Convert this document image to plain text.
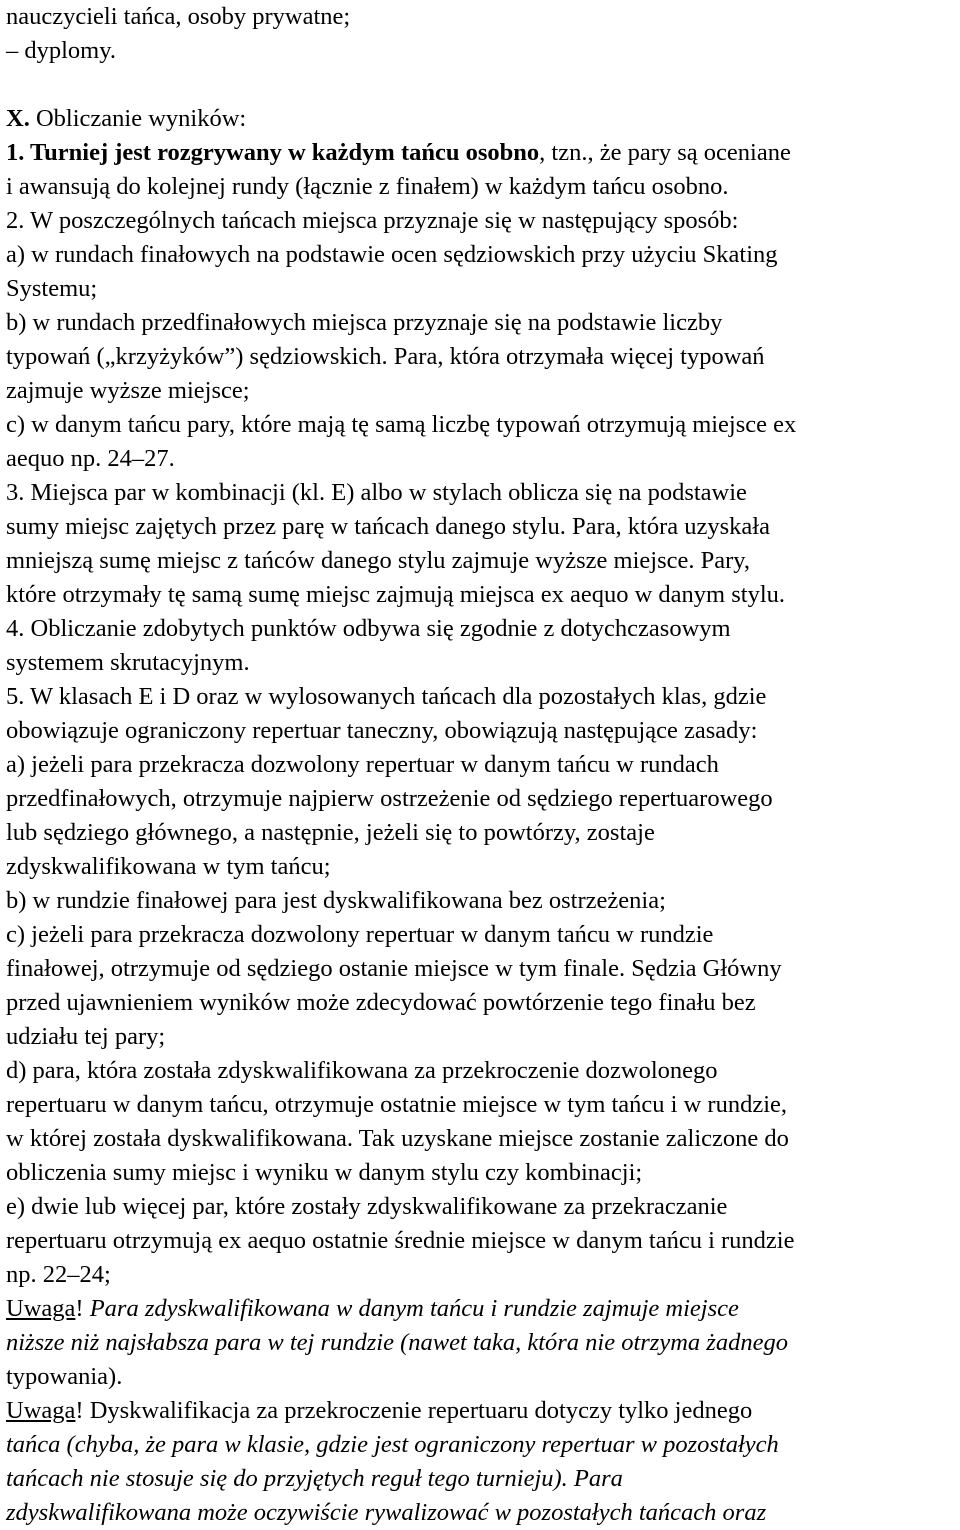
nauczycieli tańca, osoby prywatne;
– dyplomy.
X. Obliczanie wyników:
1. Turniej jest rozgrywany w każdym tańcu osobno, tzn., że pary są oceniane
i awansują do kolejnej rundy (łącznie z finałem) w każdym tańcu osobno.
2. W poszczególnych tańcach miejsca przyznaje się w następujący sposób:
a) w rundach finałowych na podstawie ocen sędziowskich przy użyciu Skating
Systemu;
b) w rundach przedfinałowych miejsca przyznaje się na podstawie liczby
typowań („krzyżyków”) sędziowskich. Para, która otrzymała więcej typowań
zajmuje wyższe miejsce;
c) w danym tańcu pary, które mają tę samą liczbę typowań otrzymują miejsce ex
aequo np. 24–27.
3. Miejsca par w kombinacji (kl. E) albo w stylach oblicza się na podstawie
sumy miejsc zajętych przez parę w tańcach danego stylu. Para, która uzyskała
mniejszą sumę miejsc z tańców danego stylu zajmuje wyższe miejsce. Pary,
które otrzymały tę samą sumę miejsc zajmują miejsca ex aequo w danym stylu.
4. Obliczanie zdobytych punktów odbywa się zgodnie z dotychczasowym
systemem skrutacyjnym.
5. W klasach E i D oraz w wylosowanych tańcach dla pozostałych klas, gdzie
obowiązuje ograniczony repertuar taneczny, obowiązują następujące zasady:
a) jeżeli para przekracza dozwolony repertuar w danym tańcu w rundach
przedfinałowych, otrzymuje najpierw ostrzeżenie od sędziego repertuarowego
lub sędziego głównego, a następnie, jeżeli się to powtórzy, zostaje
zdyskwalifikowana w tym tańcu;
b) w rundzie finałowej para jest dyskwalifikowana bez ostrzeżenia;
c) jeżeli para przekracza dozwolony repertuar w danym tańcu w rundzie
finałowej, otrzymuje od sędziego ostanie miejsce w tym finale. Sędzia Główny
przed ujawnieniem wyników może zdecydować powtórzenie tego finału bez
udziału tej pary;
d) para, która została zdyskwalifikowana za przekroczenie dozwolonego
repertuaru w danym tańcu, otrzymuje ostatnie miejsce w tym tańcu i w rundzie,
w której została dyskwalifikowana. Tak uzyskane miejsce zostanie zaliczone do
obliczenia sumy miejsc i wyniku w danym stylu czy kombinacji;
e) dwie lub więcej par, które zostały zdyskwalifikowane za przekraczanie
repertuaru otrzymują ex aequo ostatnie średnie miejsce w danym tańcu i rundzie
np. 22–24;
Uwaga! Para zdyskwalifikowana w danym tańcu i rundzie zajmuje miejsce
niższe niż najsłabsza para w tej rundzie (nawet taka, która nie otrzyma żadnego
typowania).
Uwaga! Dyskwalifikacja za przekroczenie repertuaru dotyczy tylko jednego
tańca (chyba, że para w klasie, gdzie jest ograniczony repertuar w pozostałych
tańcach nie stosuje się do przyjętych reguł tego turnieju). Para
zdyskwalifikowana może oczywiście rywalizować w pozostałych tańcach oraz
